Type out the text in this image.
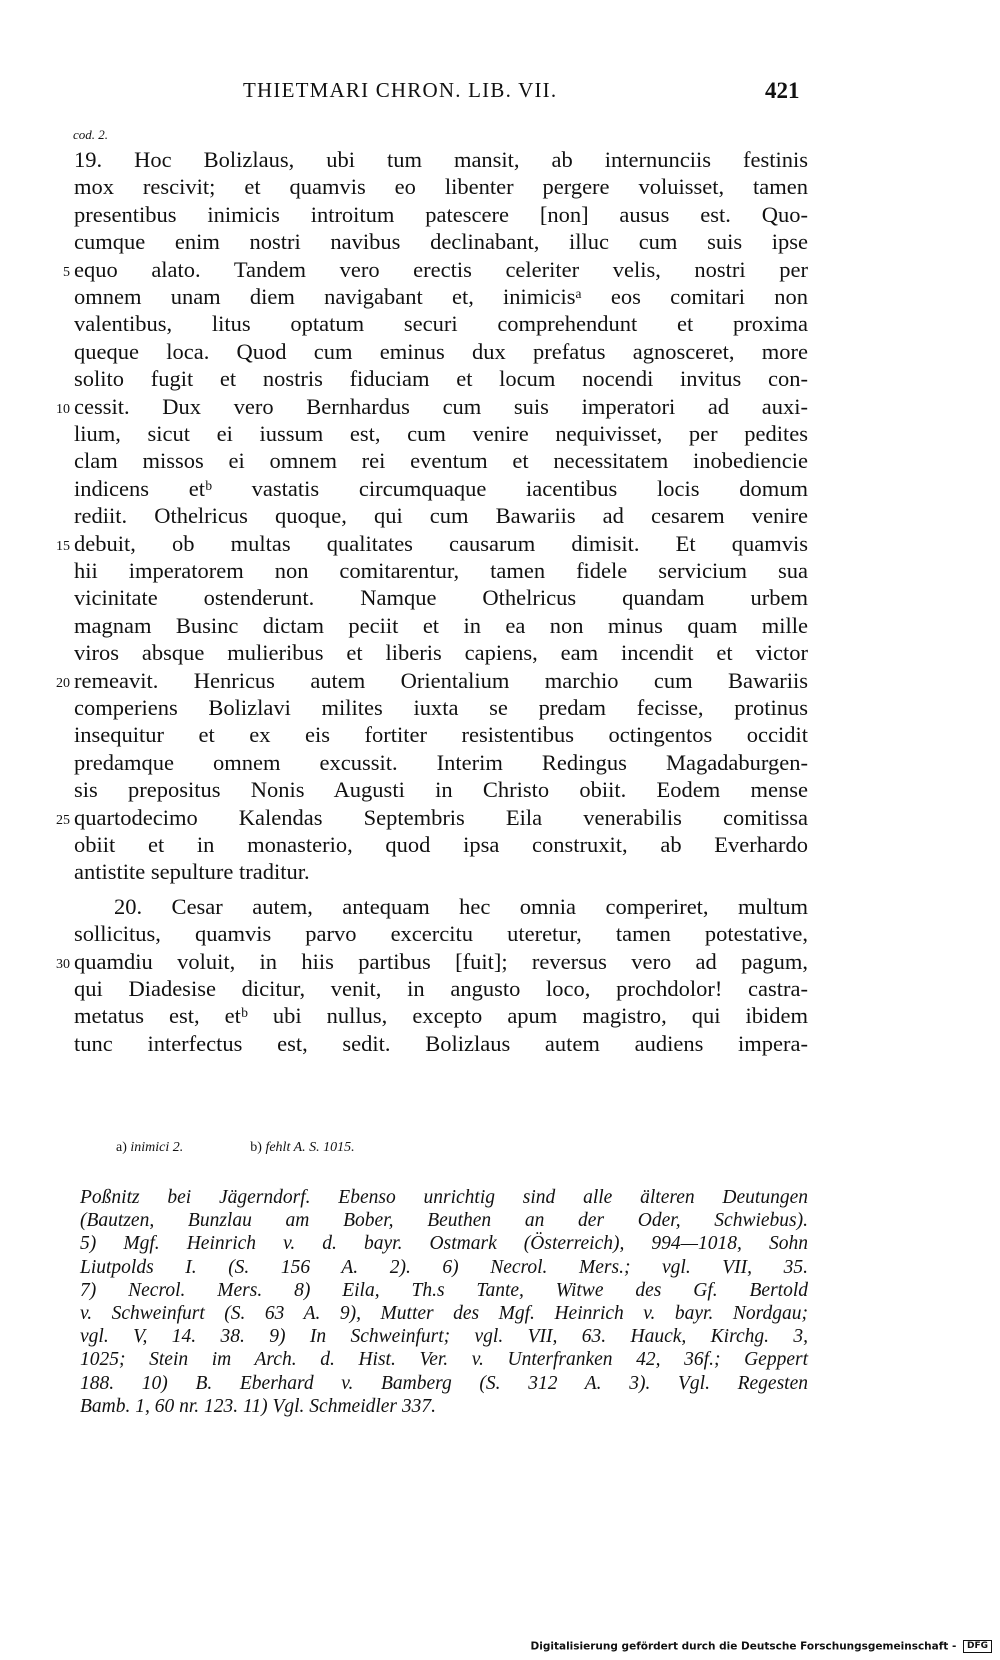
THIETMARI CHRON. LIB. VII.	421
cod. 2.
19. Hoc Bolizlaus, ubi tum mansit, ab internunciis festinis
mox rescivit; et quamvis eo libenter pergere voluisset, tamen
presentibus inimicis introitum patescere [non] ausus est. Quo-
cumque enim nostri navibus declinabant, illuc cum suis ipse
equo alato. Tandem vero erectis celeriter velis, nostri per
5
omnem unam diem navigabant et, inimicisᵃ eos comitari non
valentibus, litus optatum securi comprehendunt et proxima
queque loca. Quod cum eminus dux prefatus agnosceret, more
solito fugit et nostris fiduciam et locum nocendi invitus con-
cessit. Dux vero Bernhardus cum suis imperatori ad auxi-
10
lium, sicut ei iussum est, cum venire nequivisset, per pedites
clam missos ei omnem rei eventum et necessitatem inobediencie
indicens etᵇ vastatis circumquaque iacentibus locis domum
rediit. Othelricus quoque, qui cum Bawariis ad cesarem venire
debuit, ob multas qualitates causarum dimisit. Et quamvis
15
hii imperatorem non comitarentur, tamen fidele servicium sua
vicinitate ostenderunt. Namque Othelricus quandam urbem
magnam Businc dictam peciit et in ea non minus quam mille
viros absque mulieribus et liberis capiens, eam incendit et victor
remeavit. Henricus autem Orientalium marchio cum Bawariis
20
comperiens Bolizlavi milites iuxta se predam fecisse, protinus
insequitur et ex eis fortiter resistentibus octingentos occidit
predamque omnem excussit. Interim Redingus Magadaburgen-
sis prepositus Nonis Augusti in Christo obiit. Eodem mense
quartodecimo Kalendas Septembris Eila venerabilis comitissa
25
obiit et in monasterio, quod ipsa construxit, ab Everhardo
antistite sepulture traditur.
20. Cesar autem, antequam hec omnia comperiret, multum
sollicitus, quamvis parvo excercitu uteretur, tamen potestative,
quamdiu voluit, in hiis partibus [fuit]; reversus vero ad pagum,
30
qui Diadesise dicitur, venit, in angusto loco, prochdolor! castra-
metatus est, etᵇ ubi nullus, excepto apum magistro, qui ibidem
tunc interfectus est, sedit. Bolizlaus autem audiens impera-
a) inimici 2.	b) fehlt A. S. 1015.
Poßnitz bei Jägerndorf. Ebenso unrichtig sind alle älteren Deutungen
(Bautzen, Bunzlau am Bober, Beuthen an der Oder, Schwiebus).
5) Mgf. Heinrich v. d. bayr. Ostmark (Österreich), 994—1018, Sohn
Liutpolds I. (S. 156 A. 2). 6) Necrol. Mers.; vgl. VII, 35.
7) Necrol. Mers. 8) Eila, Th.s Tante, Witwe des Gf. Bertold
v. Schweinfurt (S. 63 A. 9), Mutter des Mgf. Heinrich v. bayr. Nordgau;
vgl. V, 14. 38. 9) In Schweinfurt; vgl. VII, 63. Hauck, Kirchg. 3,
1025; Stein im Arch. d. Hist. Ver. v. Unterfranken 42, 36f.; Geppert
188. 10) B. Eberhard v. Bamberg (S. 312 A. 3). Vgl. Regesten
Bamb. 1, 60 nr. 123. 11) Vgl. Schmeidler 337.
Digitalisierung gefördert durch die Deutsche Forschungsgemeinschaft - DFG
